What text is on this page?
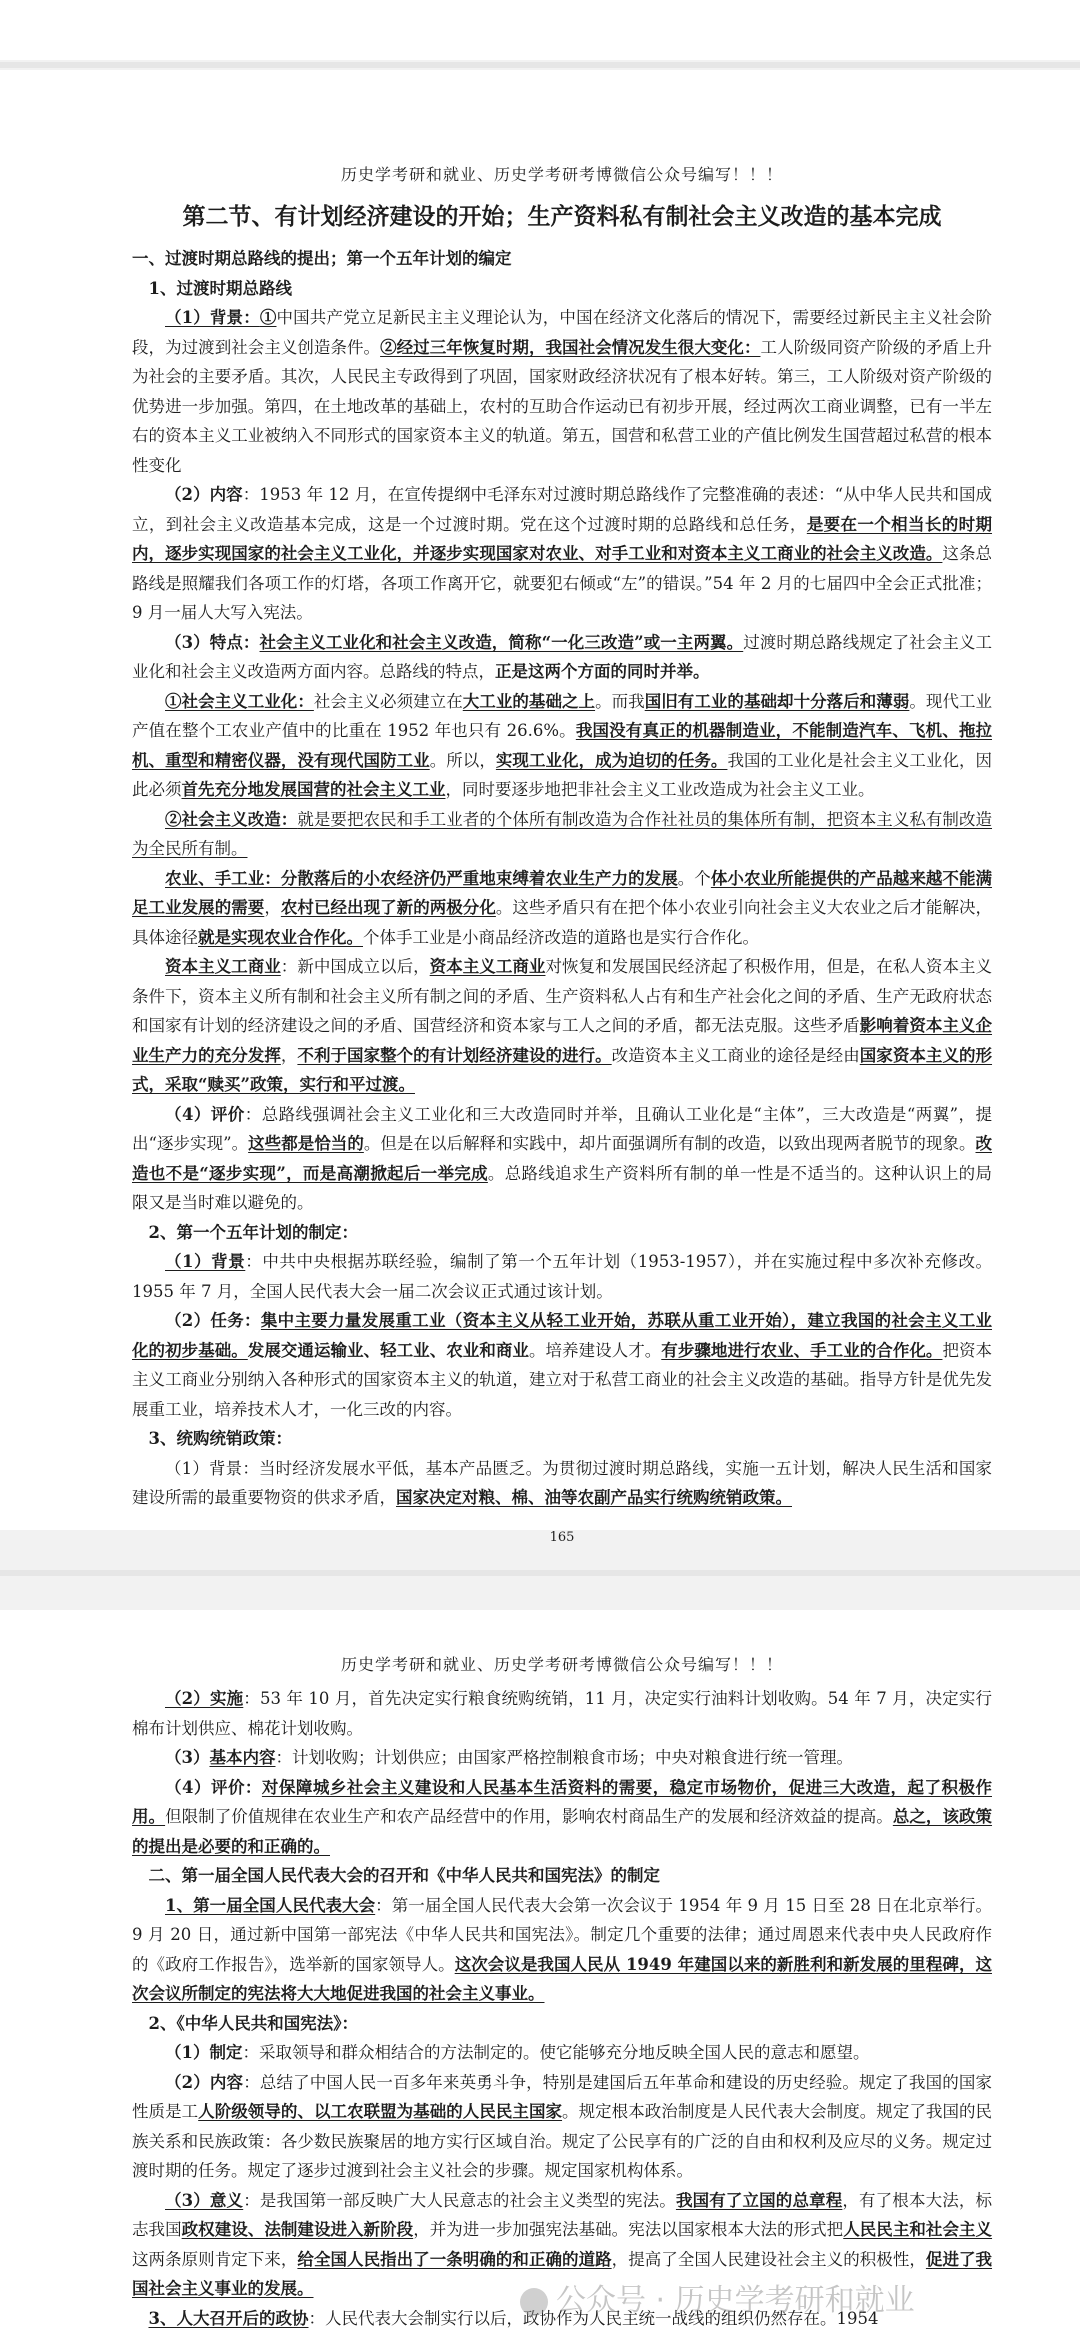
历史学考研和就业、历史学考研考博微信公众号编写！！！
第二节、有计划经济建设的开始；生产资料私有制社会主义改造的基本完成
一、过渡时期总路线的提出；第一个五年计划的编定
1、过渡时期总路线

（1）背景：①中国共产党立足新民主主义理论认为，中国在经济文化落后的情况下，需要经过新民主主义社会阶段，为过渡到社会主义创造条件。②经过三年恢复时期，我国社会情况发生很大变化：工人阶级同资产阶级的矛盾上升为社会的主要矛盾。其次，人民民主专政得到了巩固，国家财政经济状况有了根本好转。第三，工人阶级对资产阶级的优势进一步加强。第四，在土地改革的基础上，农村的互助合作运动已有初步开展，经过两次工商业调整，已有一半左右的资本主义工业被纳入不同形式的国家资本主义的轨道。第五，国营和私营工业的产值比例发生国营超过私营的根本性变化

（2）内容：1953 年 12 月，在宣传提纲中毛泽东对过渡时期总路线作了完整准确的表述：“从中华人民共和国成立，到社会主义改造基本完成，这是一个过渡时期。党在这个过渡时期的总路线和总任务，是要在一个相当长的时期内，逐步实现国家的社会主义工业化，并逐步实现国家对农业、对手工业和对资本主义工商业的社会主义改造。这条总路线是照耀我们各项工作的灯塔，各项工作离开它，就要犯右倾或“左”的错误。”54 年 2 月的七届四中全会正式批准；9 月一届人大写入宪法。

（3）特点：社会主义工业化和社会主义改造，简称“一化三改造”或一主两翼。过渡时期总路线规定了社会主义工业化和社会主义改造两方面内容。总路线的特点，正是这两个方面的同时并举。

①社会主义工业化：社会主义必须建立在大工业的基础之上。而我国旧有工业的基础却十分落后和薄弱。现代工业产值在整个工农业产值中的比重在 1952 年也只有 26.6%。我国没有真正的机器制造业，不能制造汽车、飞机、拖拉机、重型和精密仪器，没有现代国防工业。所以，实现工业化，成为迫切的任务。我国的工业化是社会主义工业化，因此必须首先充分地发展国营的社会主义工业，同时要逐步地把非社会主义工业改造成为社会主义工业。

②社会主义改造：就是要把农民和手工业者的个体所有制改造为合作社社员的集体所有制，把资本主义私有制改造为全民所有制。

农业、手工业：分散落后的小农经济仍严重地束缚着农业生产力的发展。个体小农业所能提供的产品越来越不能满足工业发展的需要，农村已经出现了新的两极分化。这些矛盾只有在把个体小农业引向社会主义大农业之后才能解决，具体途径就是实现农业合作化。个体手工业是小商品经济改造的道路也是实行合作化。

资本主义工商业：新中国成立以后，资本主义工商业对恢复和发展国民经济起了积极作用，但是，在私人资本主义条件下，资本主义所有制和社会主义所有制之间的矛盾、生产资料私人占有和生产社会化之间的矛盾、生产无政府状态和国家有计划的经济建设之间的矛盾、国营经济和资本家与工人之间的矛盾，都无法克服。这些矛盾影响着资本主义企业生产力的充分发挥，不利于国家整个的有计划经济建设的进行。改造资本主义工商业的途径是经由国家资本主义的形式，采取“赎买”政策，实行和平过渡。

（4）评价：总路线强调社会主义工业化和三大改造同时并举，且确认工业化是“主体”，三大改造是“两翼”，提出“逐步实现”。这些都是恰当的。但是在以后解释和实践中，却片面强调所有制的改造，以致出现两者脱节的现象。改造也不是“逐步实现”，而是高潮掀起后一举完成。总路线追求生产资料所有制的单一性是不适当的。这种认识上的局限又是当时难以避免的。

2、第一个五年计划的制定：

（1）背景：中共中央根据苏联经验，编制了第一个五年计划（1953-1957），并在实施过程中多次补充修改。1955 年 7 月，全国人民代表大会一届二次会议正式通过该计划。

（2）任务：集中主要力量发展重工业（资本主义从轻工业开始，苏联从重工业开始），建立我国的社会主义工业化的初步基础。发展交通运输业、轻工业、农业和商业。培养建设人才。有步骤地进行农业、手工业的合作化。把资本主义工商业分别纳入各种形式的国家资本主义的轨道，建立对于私营工商业的社会主义改造的基础。指导方针是优先发展重工业，培养技术人才，一化三改的内容。

3、统购统销政策：

（1）背景：当时经济发展水平低，基本产品匮乏。为贯彻过渡时期总路线，实施一五计划，解决人民生活和国家建设所需的最重要物资的供求矛盾，国家决定对粮、棉、油等农副产品实行统购统销政策。

165
历史学考研和就业、历史学考研考博微信公众号编写！！！

（2）实施：53 年 10 月，首先决定实行粮食统购统销，11 月，决定实行油料计划收购。54 年 7 月，决定实行棉布计划供应、棉花计划收购。

（3）基本内容：计划收购；计划供应；由国家严格控制粮食市场；中央对粮食进行统一管理。

（4）评价：对保障城乡社会主义建设和人民基本生活资料的需要，稳定市场物价，促进三大改造，起了积极作用。但限制了价值规律在农业生产和农产品经营中的作用，影响农村商品生产的发展和经济效益的提高。总之，该政策的提出是必要的和正确的。

二、第一届全国人民代表大会的召开和《中华人民共和国宪法》的制定

1、第一届全国人民代表大会：第一届全国人民代表大会第一次会议于 1954 年 9 月 15 日至 28 日在北京举行。9 月 20 日，通过新中国第一部宪法《中华人民共和国宪法》。制定几个重要的法律；通过周恩来代表中央人民政府作的《政府工作报告》，选举新的国家领导人。这次会议是我国人民从 1949 年建国以来的新胜利和新发展的里程碑，这次会议所制定的宪法将大大地促进我国的社会主义事业。

2、《中华人民共和国宪法》：

（1）制定：采取领导和群众相结合的方法制定的。使它能够充分地反映全国人民的意志和愿望。

（2）内容：总结了中国人民一百多年来英勇斗争，特别是建国后五年革命和建设的历史经验。规定了我国的国家性质是工人阶级领导的、以工农联盟为基础的人民民主国家。规定根本政治制度是人民代表大会制度。规定了我国的民族关系和民族政策：各少数民族聚居的地方实行区域自治。规定了公民享有的广泛的自由和权利及应尽的义务。规定过渡时期的任务。规定了逐步过渡到社会主义社会的步骤。规定国家机构体系。

（3）意义：是我国第一部反映广大人民意志的社会主义类型的宪法。我国有了立国的总章程，有了根本大法，标志我国政权建设、法制建设进入新阶段，并为进一步加强宪法基础。宪法以国家根本大法的形式把人民民主和社会主义这两条原则肯定下来，给全国人民指出了一条明确的和正确的道路，提高了全国人民建设社会主义的积极性，促进了我国社会主义事业的发展。

3、人大召开后的政协：人民代表大会制实行以后，政协作为人民主统一战线的组织仍然存在。1954
公众号 · 历史学考研和就业
